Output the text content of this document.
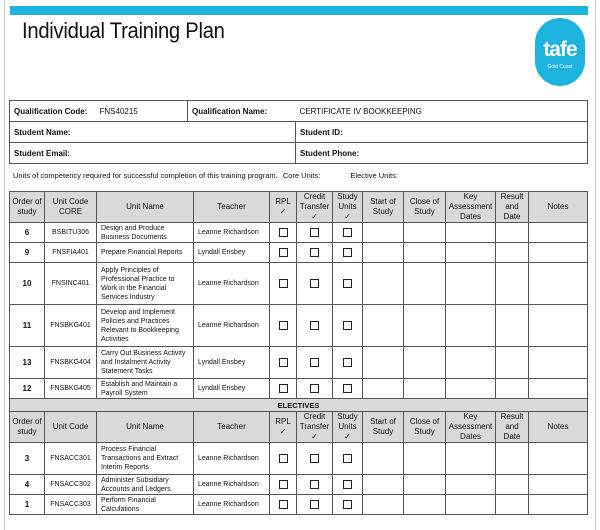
Individual Training Plan
tafe
Gold Coast
Qualification Code:	FNS40215	Qualification Name:	CERTIFICATE IV BOOKKEEPING
Student Name:			Student ID:
Student Email:			Student Phone:
Units of competency required for successful completion of this training program. Core Units:	Elective Units:
Order of study	Unit Code CORE	Unit Name	Teacher	RPL ✓	Credit Transfer ✓	Study Units ✓	Start of Study	Close of Study	Key Assessment Dates	Result and Date	Notes
6	BSBITU306	Design and Produce Business Documents	Leanne Richardson								
9	FNSFIA401	Prepare Financial Reports	Lyndall Ensbey								
10	FNSINC401	Apply Principles of Professional Practice to Work in the Financial Services Industry	Leanne Richardson								
11	FNSBKG401	Develop and Implement Policies and Practices Relevant to Bookkeeping Activities	Leanne Richardson								
13	FNSBKG404	Carry Out Business Activity and Instalment Activity Statement Tasks	Lyndall Ensbey								
12	FNSBKG405	Establish and Maintain a Payroll System	Lyndall Ensbey								
ELECTIVES											
Order of study	Unit Code	Unit Name	Teacher	RPL ✓	Credit Transfer ✓	Study Units ✓	Start of Study	Close of Study	Key Assessment Dates	Result and Date	Notes
3	FNSACC301	Process Financial Transactions and Extract Interim Reports	Leanne Richardson								
4	FNSACC302	Administer Subsidiary Accounts and Ledgers	Leanne Richardson								
1	FNSACC303	Perform Financial Calculations	Leanne Richardson								
